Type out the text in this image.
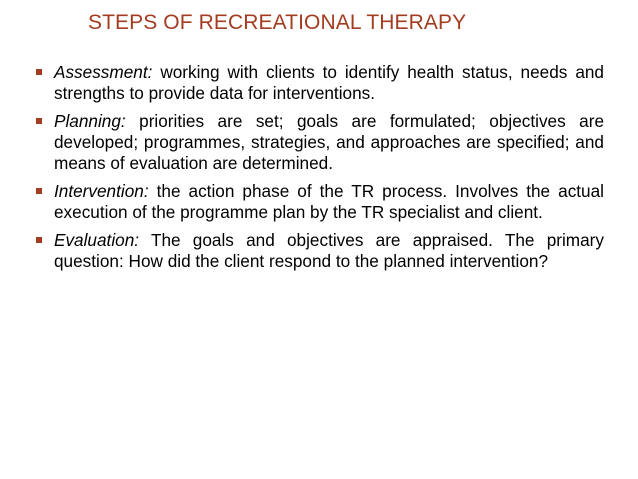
STEPS OF RECREATIONAL THERAPY
Assessment: working with clients to identify health status, needs and strengths to provide data for interventions.
Planning: priorities are set; goals are formulated; objectives are developed; programmes, strategies, and approaches are specified; and means of evaluation are determined.
Intervention: the action phase of the TR process. Involves the actual execution of the programme plan by the TR specialist and client.
Evaluation: The goals and objectives are appraised. The primary question: How did the client respond to the planned intervention?
